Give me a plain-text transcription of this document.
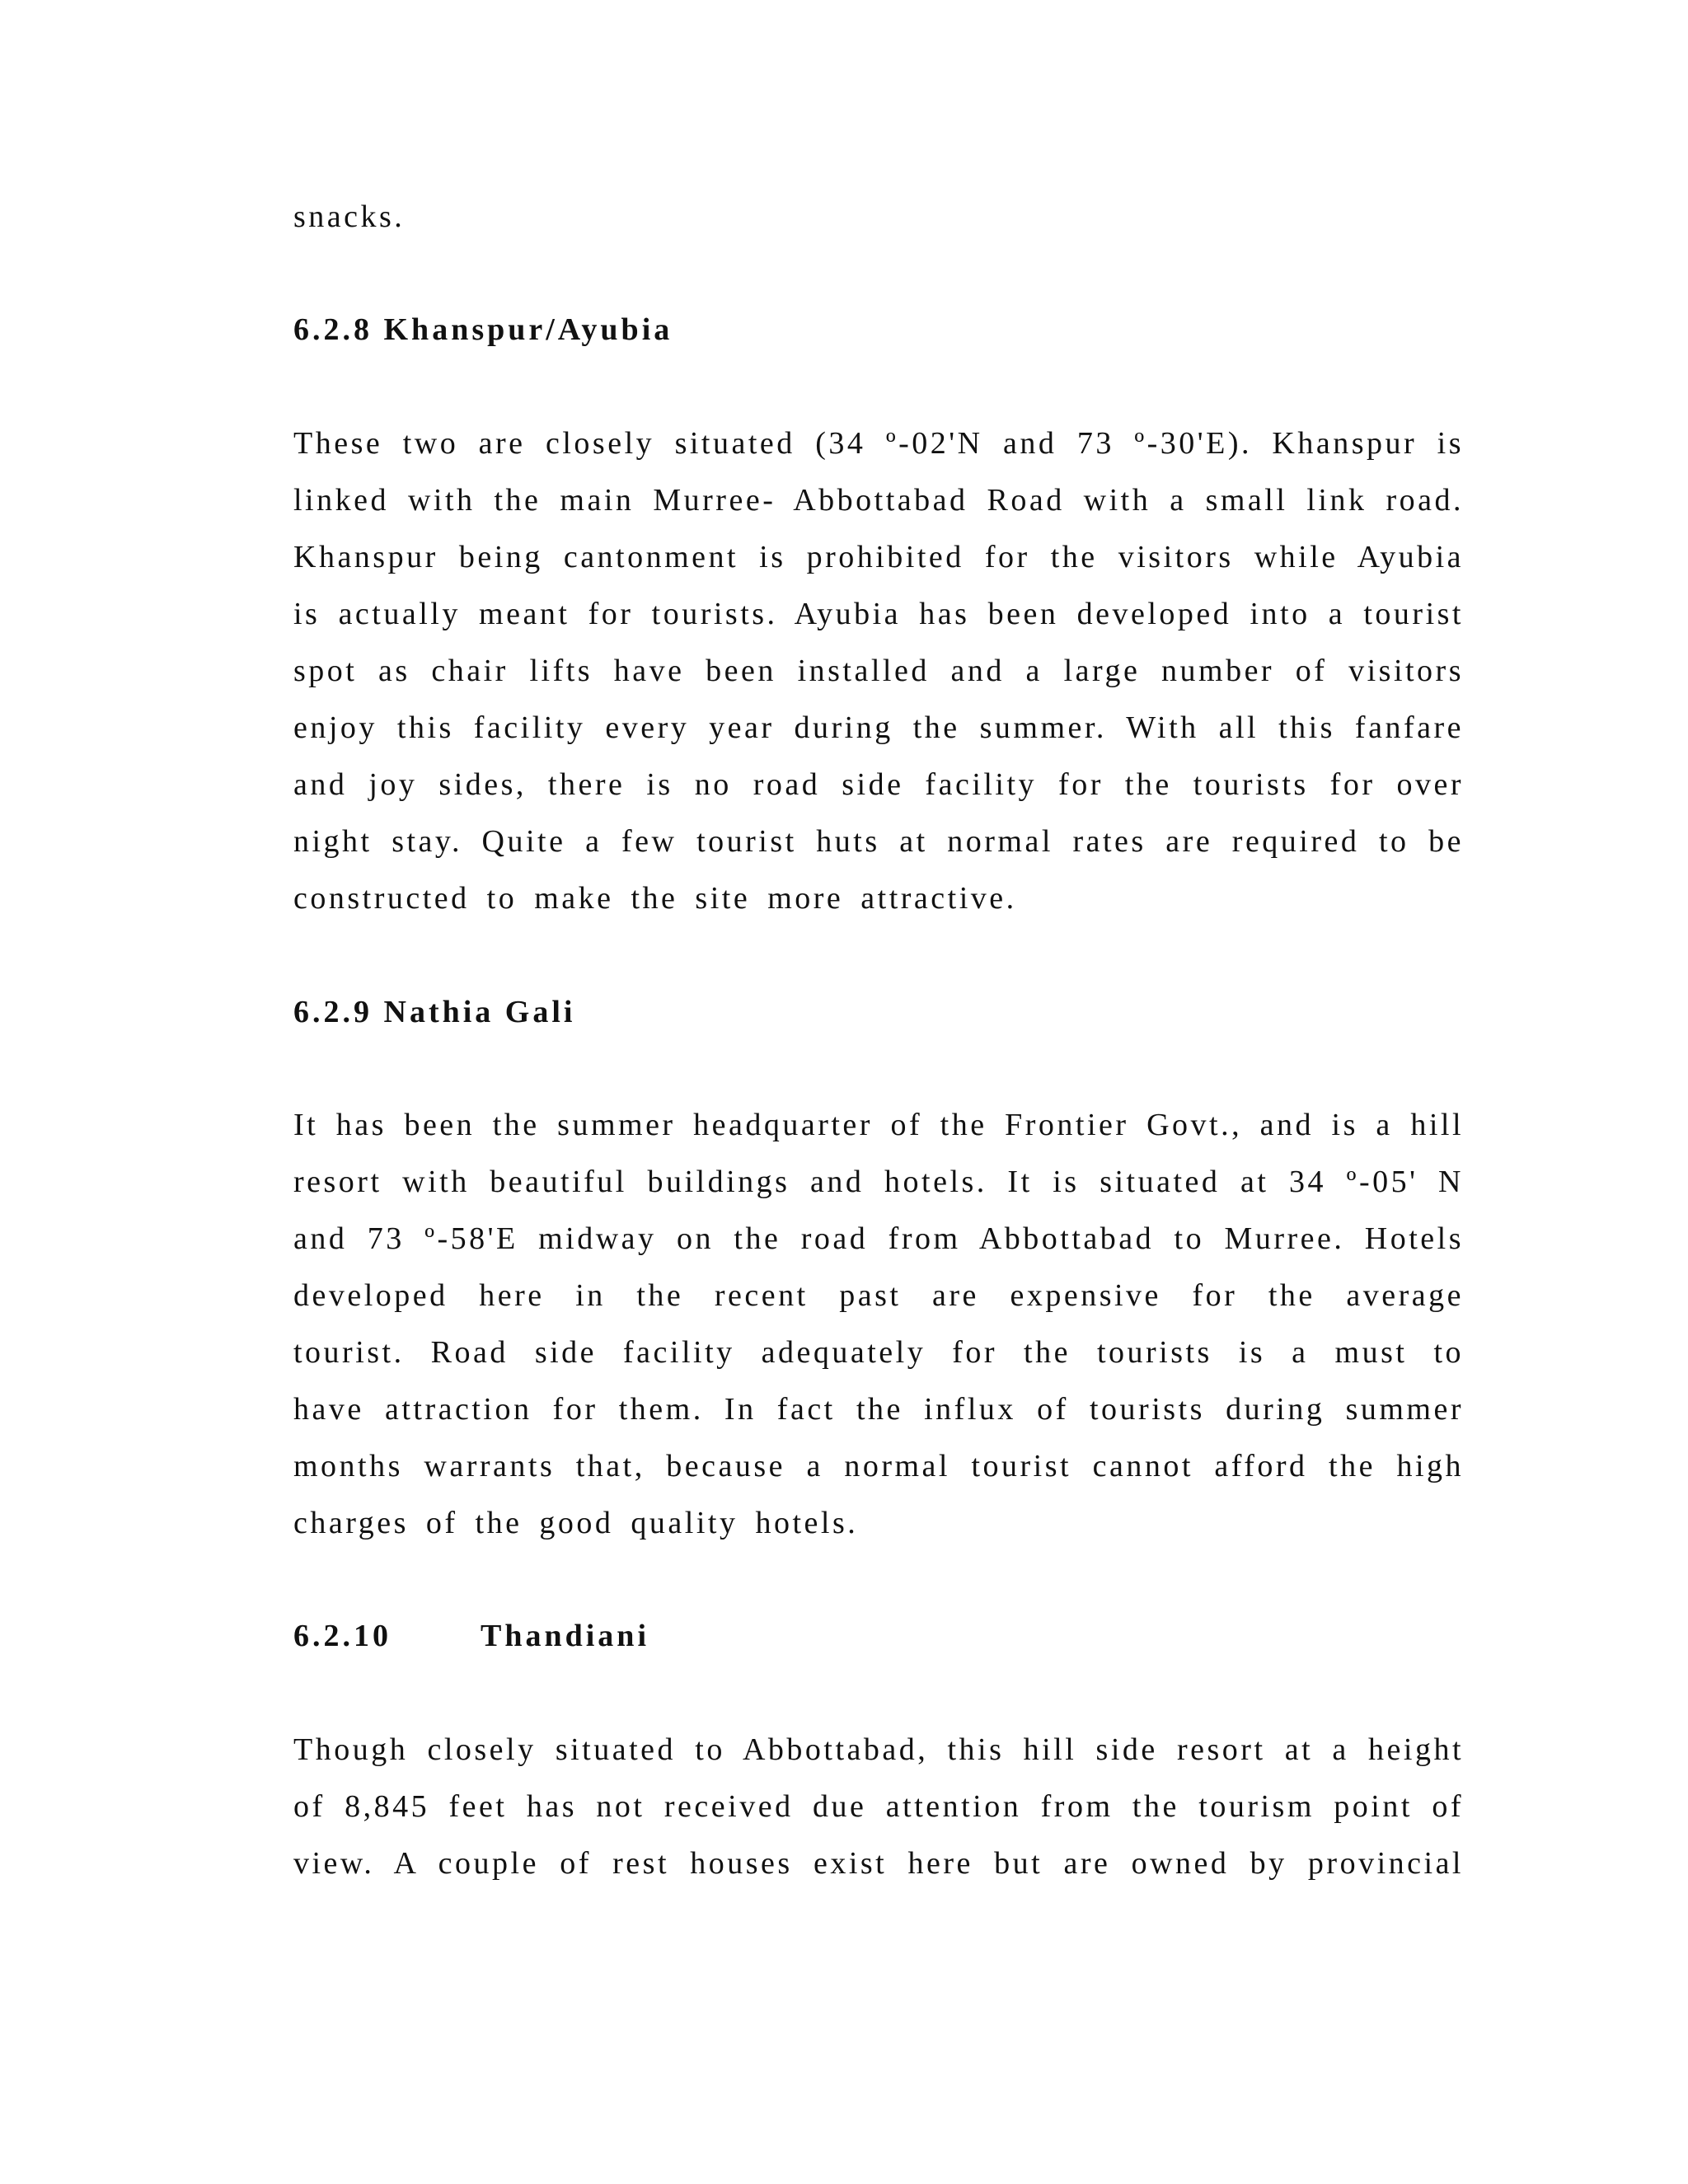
snacks.
6.2.8 Khanspur/Ayubia
These two are closely situated (34 º-02'N and 73 º-30'E). Khanspur is
linked with the main Murree- Abbottabad Road with a small link road.
Khanspur being cantonment is prohibited for the visitors while Ayubia
is actually meant for tourists. Ayubia has been developed into a tourist
spot as chair lifts have been installed and a large number of visitors
enjoy this facility every year during the summer. With all this fanfare
and joy sides, there is no road side facility for the tourists for over
night stay. Quite a few tourist huts at normal rates are required to be
constructed to make the site more attractive.
6.2.9 Nathia Gali
It has been the summer headquarter of the Frontier Govt., and is a hill
resort with beautiful buildings and hotels. It is situated at 34 º-05' N
and 73 º-58'E midway on the road from Abbottabad to Murree. Hotels
developed here in the recent past are expensive for the average
tourist. Road side facility adequately for the tourists is a must to
have attraction for them. In fact the influx of tourists during summer
months warrants that, because a normal tourist cannot afford the high
charges of the good quality hotels.
6.2.10	Thandiani
Though closely situated to Abbottabad, this hill side resort at a height
of 8,845 feet has not received due attention from the tourism point of
view. A couple of rest houses exist here but are owned by provincial
